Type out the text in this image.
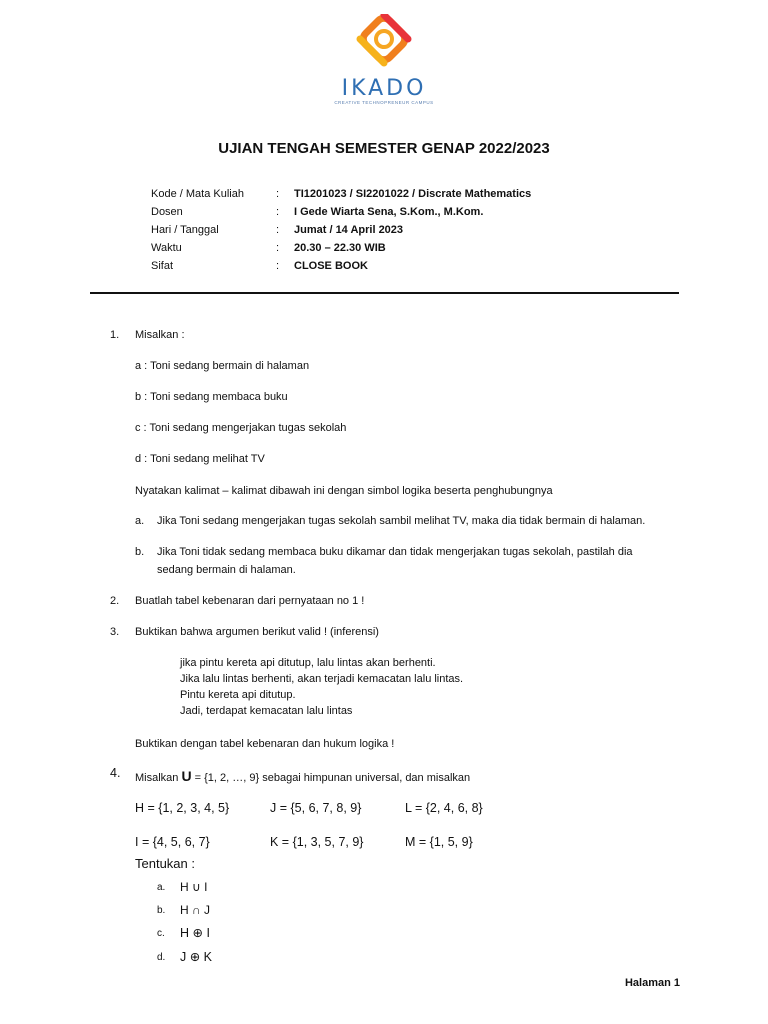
IKADO
CREATIVE TECHNOPRENEUR CAMPUS
UJIAN TENGAH SEMESTER GENAP 2022/2023
Kode / Mata Kuliah	: TI1201023 / SI2201022 / Discrate Mathematics
Dosen	: I Gede Wiarta Sena, S.Kom., M.Kom.
Hari / Tanggal	: Jumat / 14 April 2023
Waktu	: 20.30 – 22.30 WIB
Sifat	: CLOSE BOOK
1. Misalkan :
a : Toni sedang bermain di halaman
b : Toni sedang membaca buku
c : Toni sedang mengerjakan tugas sekolah
d : Toni sedang melihat TV
Nyatakan kalimat – kalimat dibawah ini dengan simbol logika beserta penghubungnya
a. Jika Toni sedang mengerjakan tugas sekolah sambil melihat TV, maka dia tidak bermain di halaman.
b. Jika Toni tidak sedang membaca buku dikamar dan tidak mengerjakan tugas sekolah, pastilah dia
sedang bermain di halaman.
2. Buatlah tabel kebenaran dari pernyataan no 1 !
3. Buktikan bahwa argumen berikut valid ! (inferensi)
jika pintu kereta api ditutup, lalu lintas akan berhenti.
Jika lalu lintas berhenti, akan terjadi kemacatan lalu lintas.
Pintu kereta api ditutup.
Jadi, terdapat kemacatan lalu lintas
Buktikan dengan tabel kebenaran dan hukum logika !
4. Misalkan U = {1, 2, …, 9} sebagai himpunan universal, dan misalkan
H = {1, 2, 3, 4, 5}	J = {5, 6, 7, 8, 9}	L = {2, 4, 6, 8}
I = {4, 5, 6, 7}	K = {1, 3, 5, 7, 9}	M = {1, 5, 9}
Tentukan :
a. H ∪ I
b. H ∩ J
c. H ⊕ I
d. J ⊕ K
Halaman 1
